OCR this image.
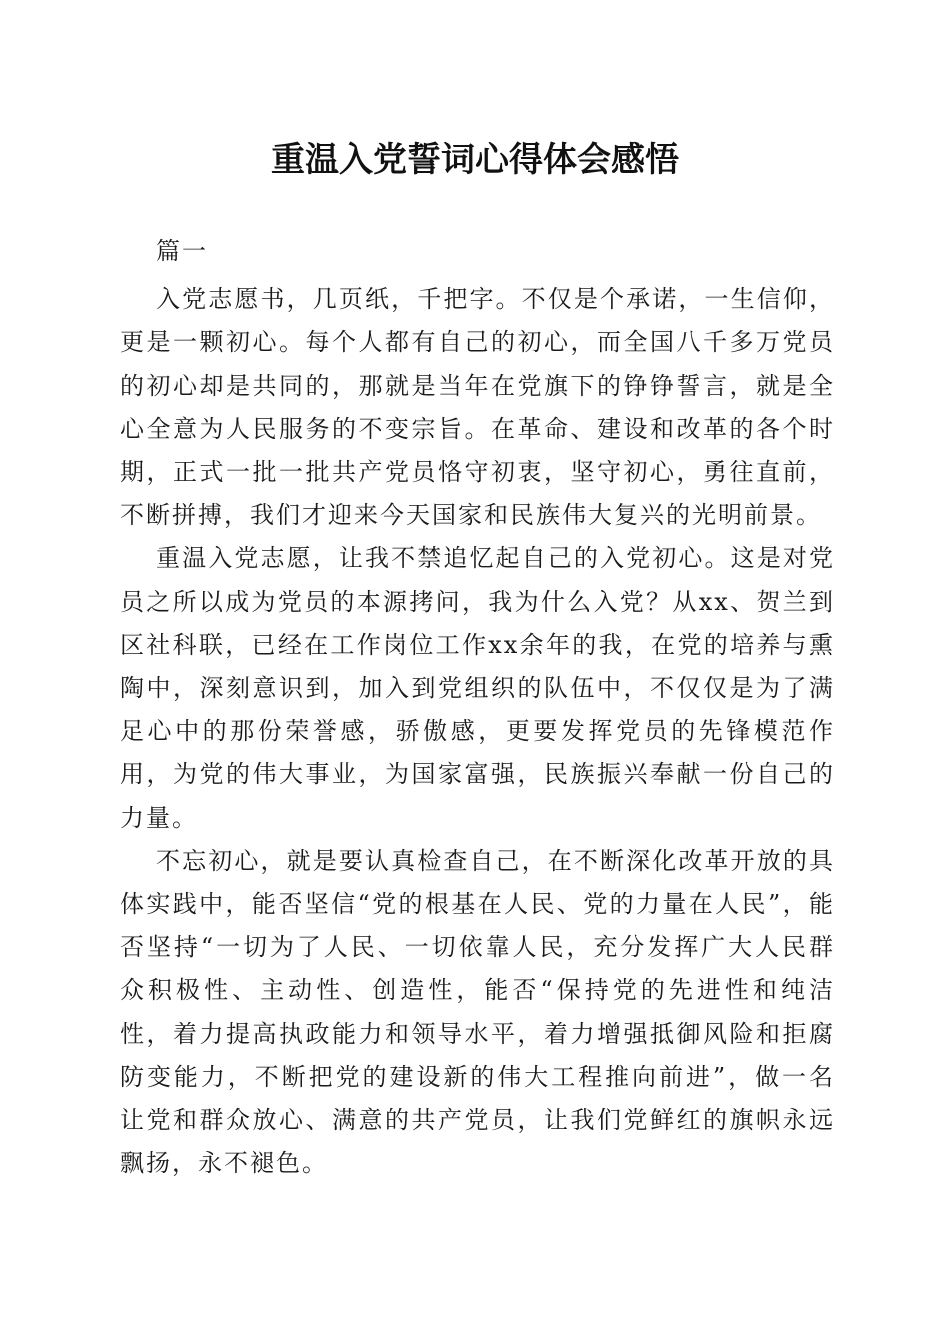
重温入党誓词心得体会感悟

篇一

入党志愿书，几页纸，千把字。不仅是个承诺，一生信仰，更是一颗初心。每个人都有自己的初心，而全国八千多万党员的初心却是共同的，那就是当年在党旗下的铮铮誓言，就是全心全意为人民服务的不变宗旨。在革命、建设和改革的各个时期，正式一批一批共产党员恪守初衷，坚守初心，勇往直前，不断拼搏，我们才迎来今天国家和民族伟大复兴的光明前景。

重温入党志愿，让我不禁追忆起自己的入党初心。这是对党员之所以成为党员的本源拷问，我为什么入党？从xx、贺兰到区社科联，已经在工作岗位工作xx余年的我，在党的培养与熏陶中，深刻意识到，加入到党组织的队伍中，不仅仅是为了满足心中的那份荣誉感，骄傲感，更要发挥党员的先锋模范作用，为党的伟大事业，为国家富强，民族振兴奉献一份自己的力量。

不忘初心，就是要认真检查自己，在不断深化改革开放的具体实践中，能否坚信“党的根基在人民、党的力量在人民”，能否坚持“一切为了人民、一切依靠人民，充分发挥广大人民群众积极性、主动性、创造性，能否“保持党的先进性和纯洁性，着力提高执政能力和领导水平，着力增强抵御风险和拒腐防变能力，不断把党的建设新的伟大工程推向前进”，做一名让党和群众放心、满意的共产党员，让我们党鲜红的旗帜永远飘扬，永不褪色。
